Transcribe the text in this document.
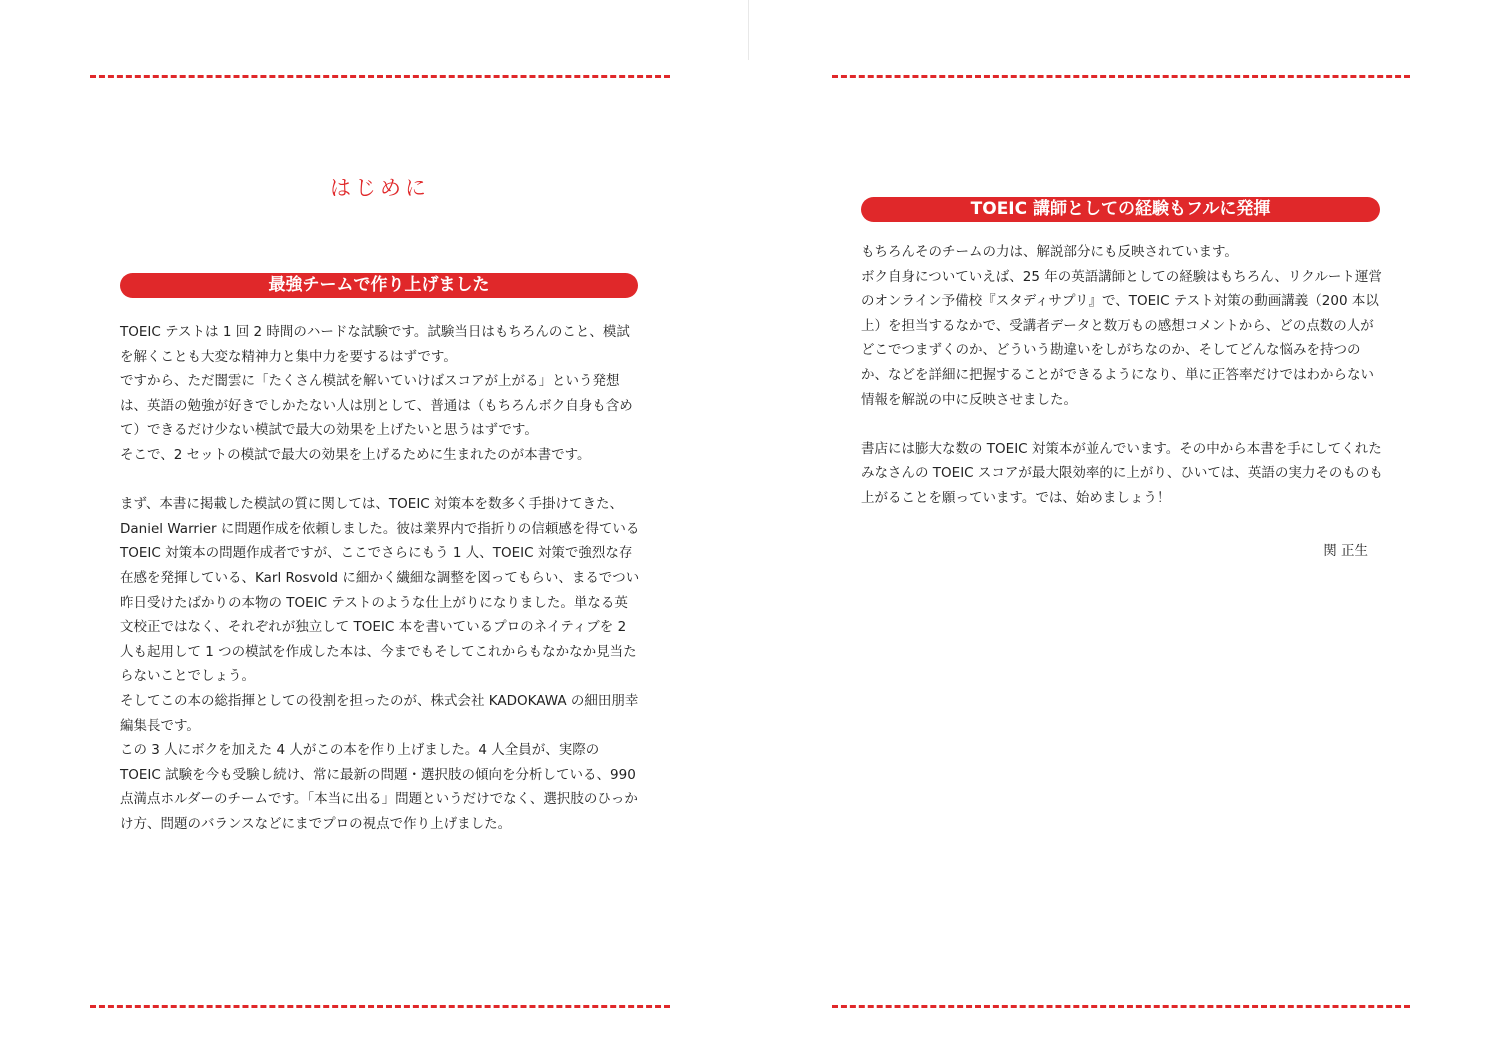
はじめに
最強チームで作り上げました

TOEIC テストは 1 回 2 時間のハードな試験です。試験当日はもちろんのこと、模試を解くことも大変な精神力と集中力を要するはずです。

ですから、ただ闇雲に「たくさん模試を解いていけばスコアが上がる」という発想は、英語の勉強が好きでしかたない人は別として、普通は（もちろんボク自身も含めて）できるだけ少ない模試で最大の効果を上げたいと思うはずです。

そこで、2 セットの模試で最大の効果を上げるために生まれたのが本書です。

まず、本書に掲載した模試の質に関しては、TOEIC 対策本を数多く手掛けてきた、Daniel Warrier に問題作成を依頼しました。彼は業界内で指折りの信頼感を得ている TOEIC 対策本の問題作成者ですが、ここでさらにもう 1 人、TOEIC 対策で強烈な存在感を発揮している、Karl Rosvold に細かく繊細な調整を図ってもらい、まるでつい昨日受けたばかりの本物の TOEIC テストのような仕上がりになりました。単なる英文校正ではなく、それぞれが独立して TOEIC 本を書いているプロのネイティブを 2 人も起用して 1 つの模試を作成した本は、今までもそしてこれからもなかなか見当たらないことでしょう。

そしてこの本の総指揮としての役割を担ったのが、株式会社 KADOKAWA の細田朋幸編集長です。

この 3 人にボクを加えた 4 人がこの本を作り上げました。4 人全員が、実際の TOEIC 試験を今も受験し続け、常に最新の問題・選択肢の傾向を分析している、990 点満点ホルダーのチームです。「本当に出る」問題というだけでなく、選択肢のひっかけ方、問題のバランスなどにまでプロの視点で作り上げました。

TOEIC 講師としての経験もフルに発揮

もちろんそのチームの力は、解説部分にも反映されています。

ボク自身についていえば、25 年の英語講師としての経験はもちろん、リクルート運営のオンライン予備校『スタディサプリ』で、TOEIC テスト対策の動画講義（200 本以上）を担当するなかで、受講者データと数万もの感想コメントから、どの点数の人がどこでつまずくのか、どういう勘違いをしがちなのか、そしてどんな悩みを持つのか、などを詳細に把握することができるようになり、単に正答率だけではわからない情報を解説の中に反映させました。

書店には膨大な数の TOEIC 対策本が並んでいます。その中から本書を手にしてくれたみなさんの TOEIC スコアが最大限効率的に上がり、ひいては、英語の実力そのものも上がることを願っています。では、始めましょう！

関 正生
